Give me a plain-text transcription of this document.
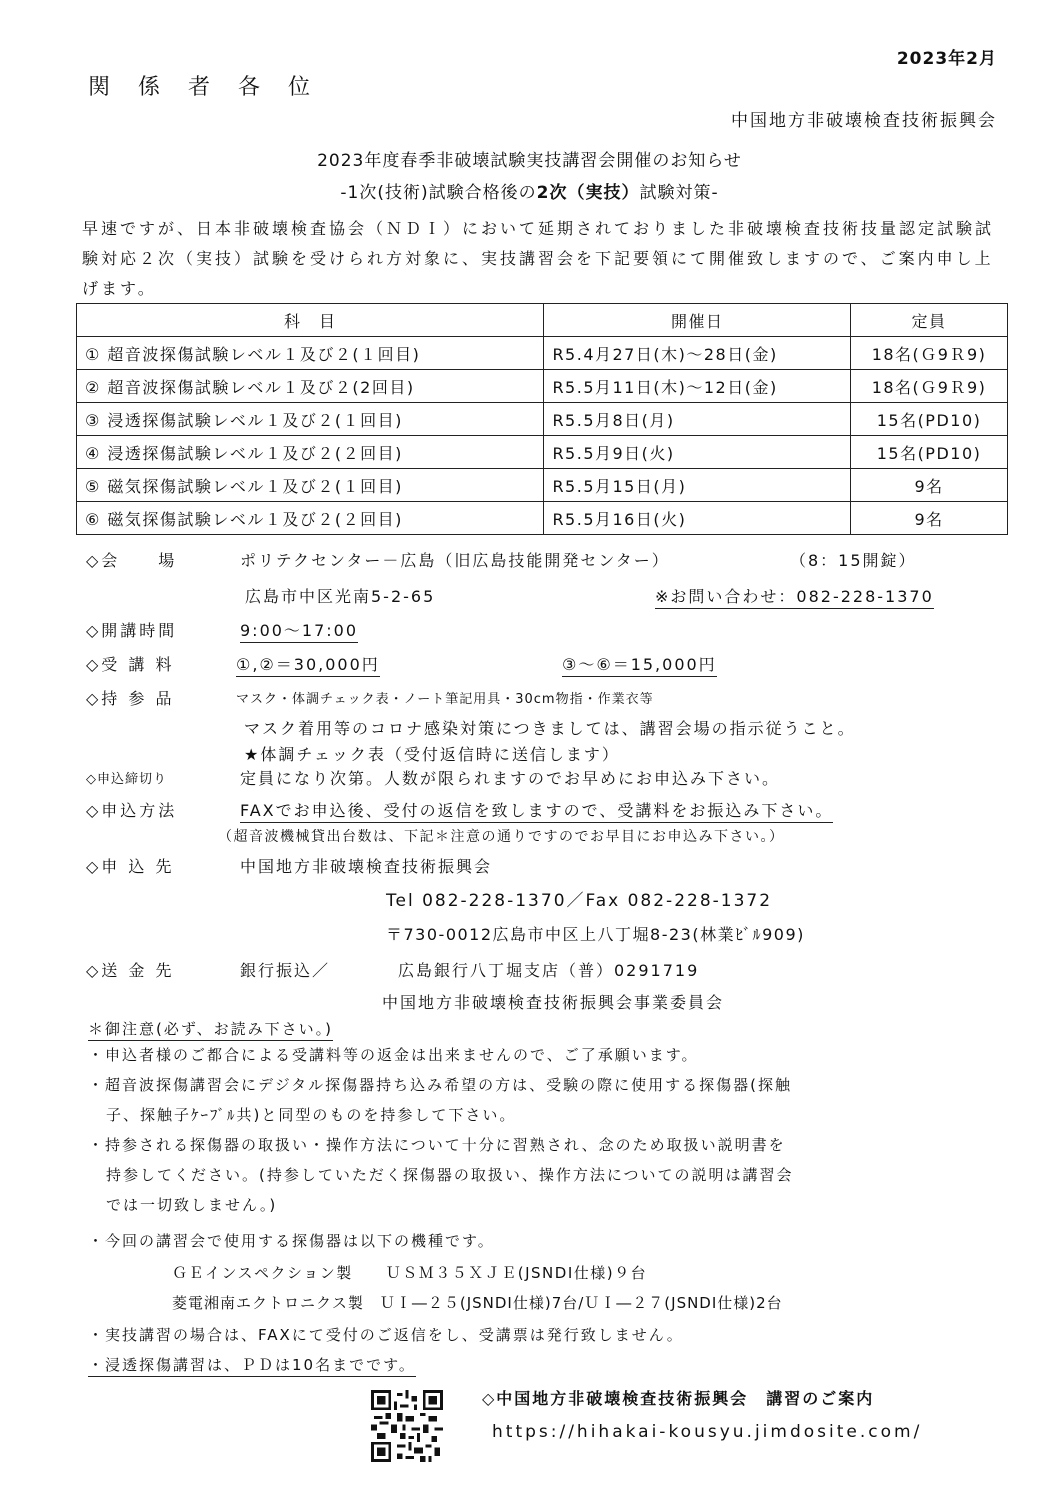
2023年2月
関係者各位
中国地方非破壊検査技術振興会
2023年度春季非破壊試験実技講習会開催のお知らせ
-1次(技術)試験合格後の2次（実技）試験対策-
早速ですが、日本非破壊検査協会（ＮＤＩ）において延期されておりました非破壊検査技術技量認定試験試験対応２次（実技）試験を受けられ方対象に、実技講習会を下記要領にて開催致しますので、ご案内申し上げます。
科　目	開催日	定員
① 超音波探傷試験レベル１及び２(１回目)	R5.4月27日(木)～28日(金)	18名(Ｇ9Ｒ9)
② 超音波探傷試験レベル１及び２(2回目)	R5.5月11日(木)～12日(金)	18名(Ｇ9Ｒ9)
③ 浸透探傷試験レベル１及び２(１回目)	R5.5月8日(月)	15名(PD10)
④ 浸透探傷試験レベル１及び２(２回目)	R5.5月9日(火)	15名(PD10)
⑤ 磁気探傷試験レベル１及び２(１回目)	R5.5月15日(月)	9名
⑥ 磁気探傷試験レベル１及び２(２回目)	R5.5月16日(火)	9名
◇会　　場	ポリテクセンター－広島（旧広島技能開発センター）	（8：15開錠）
広島市中区光南5-2-65	※お問い合わせ：082-228-1370
◇開講時間	9:00～17:00
◇受 講 料	①,②＝30,000円	③～⑥＝15,000円
◇持 参 品	マスク・体調チェック表・ノート筆記用具・30cm物指・作業衣等
マスク着用等のコロナ感染対策につきましては、講習会場の指示従うこと。
★体調チェック表（受付返信時に送信します）
◇申込締切り	定員になり次第。人数が限られますのでお早めにお申込み下さい。
◇申込方法	FAXでお申込後、受付の返信を致しますので、受講料をお振込み下さい。
（超音波機械貸出台数は、下記＊注意の通りですのでお早目にお申込み下さい。）
◇申 込 先	中国地方非破壊検査技術振興会
Tel 082-228-1370／Fax 082-228-1372
〒730-0012広島市中区上八丁堀8-23(林業ﾋﾞﾙ909)
◇送 金 先	銀行振込／	広島銀行八丁堀支店（普）0291719
中国地方非破壊検査技術振興会事業委員会
＊御注意(必ず、お読み下さい。)
・申込者様のご都合による受講料等の返金は出来ませんので、ご了承願います。
・超音波探傷講習会にデジタル探傷器持ち込み希望の方は、受験の際に使用する探傷器(探触
子、探触子ｹｰﾌﾞﾙ共)と同型のものを持参して下さい。
・持参される探傷器の取扱い・操作方法について十分に習熟され、念のため取扱い説明書を
持参してください。(持参していただく探傷器の取扱い、操作方法についての説明は講習会
では一切致しません。)
・今回の講習会で使用する探傷器は以下の機種です。
ＧＥインスペクション製　　ＵＳＭ３５ＸＪＥ(JSNDI仕様)９台
菱電湘南エクトロニクス製　ＵＩ―２５(JSNDI仕様)7台/ＵＩ―２７(JSNDI仕様)2台
・実技講習の場合は、FAXにて受付のご返信をし、受講票は発行致しません。
・浸透探傷講習は、ＰＤは10名までです。
◇中国地方非破壊検査技術振興会　講習のご案内
https://hihakai-kousyu.jimdosite.com/
